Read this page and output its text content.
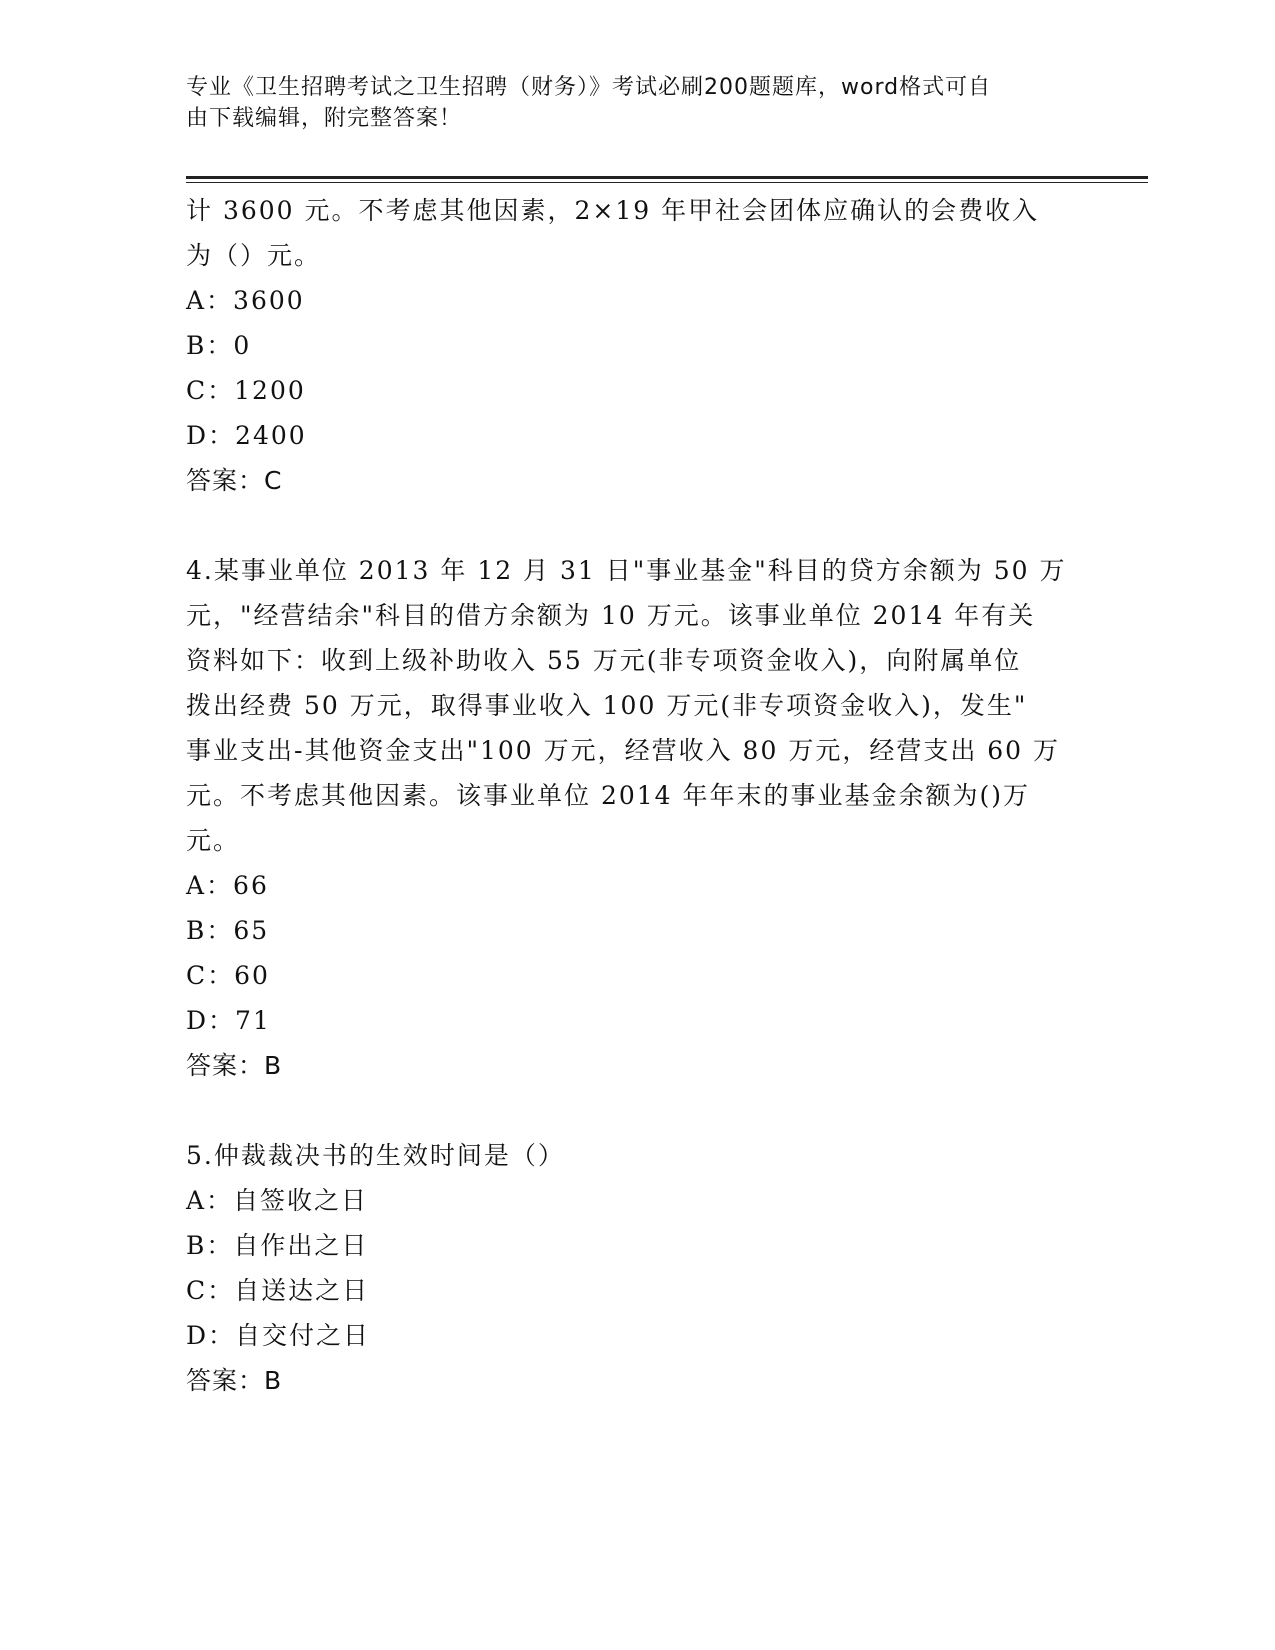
专业《卫生招聘考试之卫生招聘（财务）》考试必刷200题题库，word格式可自
由下载编辑，附完整答案！

计 3600 元。不考虑其他因素，2×19 年甲社会团体应确认的会费收入

为（）元。

A：3600

B：0

C：1200

D：2400

答案：C

4.某事业单位 2013 年 12 月 31 日"事业基金"科目的贷方余额为 50 万

元，"经营结余"科目的借方余额为 10 万元。该事业单位 2014 年有关

资料如下：收到上级补助收入 55 万元(非专项资金收入)，向附属单位

拨出经费 50 万元，取得事业收入 100 万元(非专项资金收入)，发生"

事业支出-其他资金支出"100 万元，经营收入 80 万元，经营支出 60 万

元。不考虑其他因素。该事业单位 2014 年年末的事业基金余额为()万

元。

A：66

B：65

C：60

D：71

答案：B

5.仲裁裁决书的生效时间是（）

A：自签收之日

B：自作出之日

C：自送达之日

D：自交付之日

答案：B
